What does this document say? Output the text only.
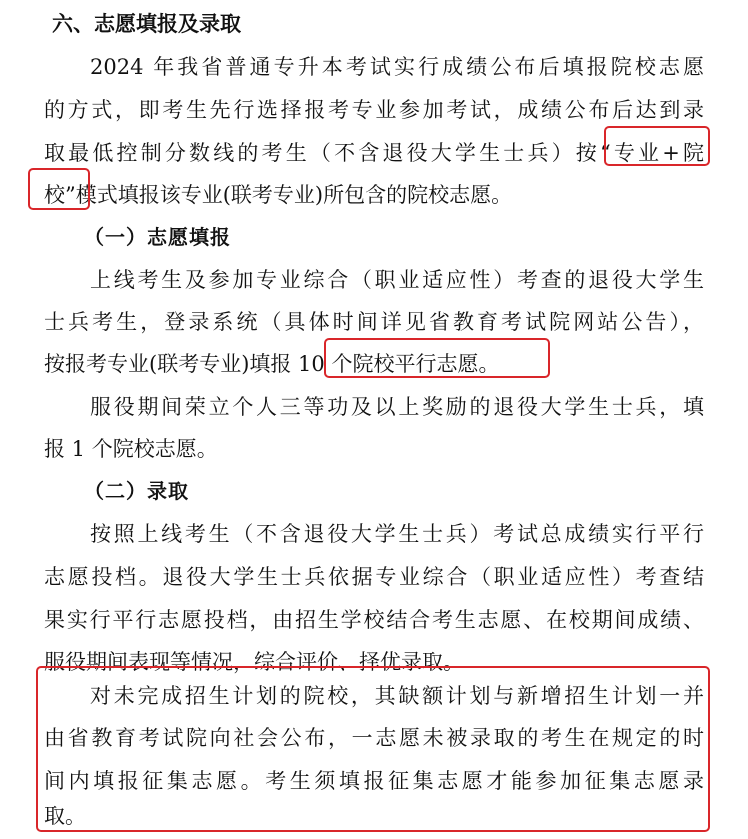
六、志愿填报及录取
2024 年我省普通专升本考试实行成绩公布后填报院校志愿
的方式，即考生先行选择报考专业参加考试，成绩公布后达到录
取最低控制分数线的考生（不含退役大学生士兵）按“专业+院
校”模式填报该专业(联考专业)所包含的院校志愿。
（一）志愿填报
上线考生及参加专业综合（职业适应性）考查的退役大学生
士兵考生，登录系统（具体时间详见省教育考试院网站公告），
按报考专业(联考专业)填报 10 个院校平行志愿。
服役期间荣立个人三等功及以上奖励的退役大学生士兵，填
报 1 个院校志愿。
（二）录取
按照上线考生（不含退役大学生士兵）考试总成绩实行平行
志愿投档。退役大学生士兵依据专业综合（职业适应性）考查结
果实行平行志愿投档，由招生学校结合考生志愿、在校期间成绩、
服役期间表现等情况，综合评价、择优录取。
对未完成招生计划的院校，其缺额计划与新增招生计划一并
由省教育考试院向社会公布，一志愿未被录取的考生在规定的时
间内填报征集志愿。考生须填报征集志愿才能参加征集志愿录
取。
